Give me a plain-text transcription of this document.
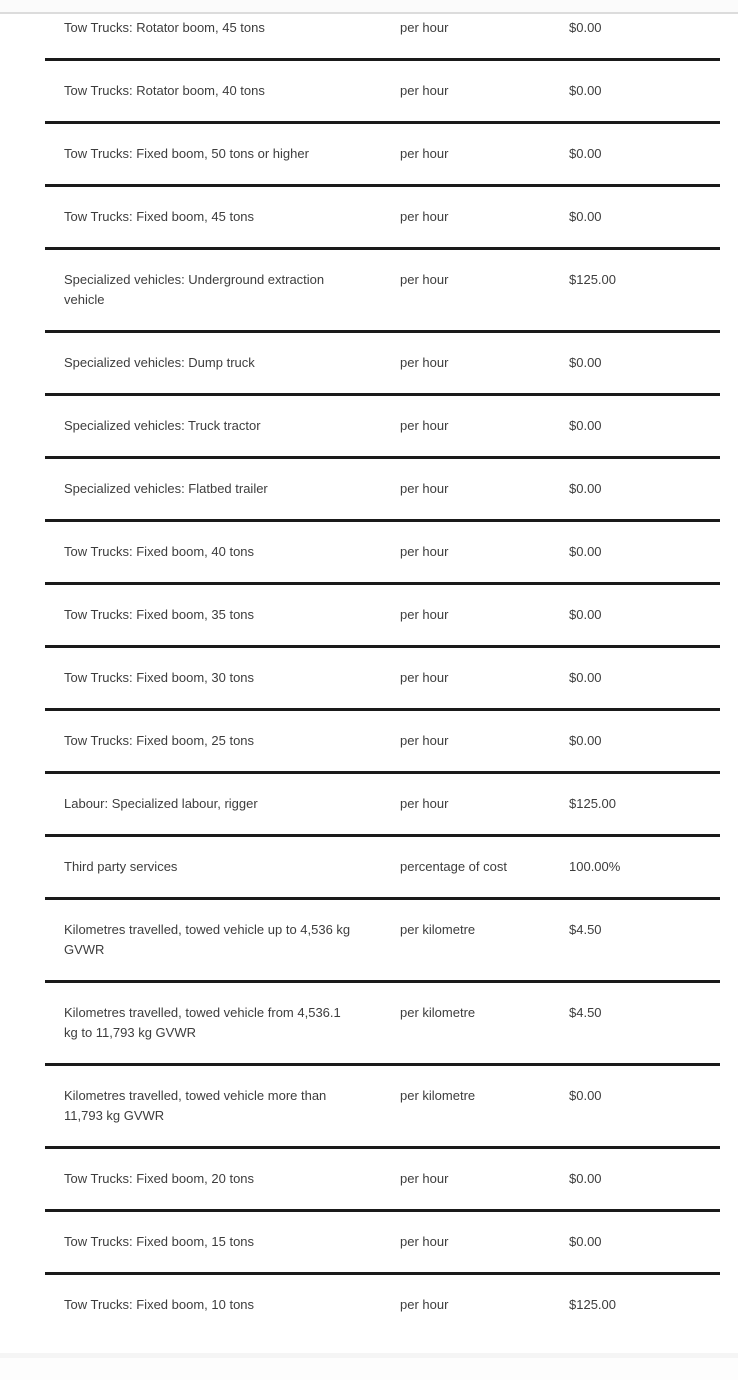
Tow Trucks: Rotator boom, 45 tons	per hour	$0.00
Tow Trucks: Rotator boom, 40 tons	per hour	$0.00
Tow Trucks: Fixed boom, 50 tons or higher	per hour	$0.00
Tow Trucks: Fixed boom, 45 tons	per hour	$0.00
Specialized vehicles: Underground extraction vehicle	per hour	$125.00
Specialized vehicles: Dump truck	per hour	$0.00
Specialized vehicles: Truck tractor	per hour	$0.00
Specialized vehicles: Flatbed trailer	per hour	$0.00
Tow Trucks: Fixed boom, 40 tons	per hour	$0.00
Tow Trucks: Fixed boom, 35 tons	per hour	$0.00
Tow Trucks: Fixed boom, 30 tons	per hour	$0.00
Tow Trucks: Fixed boom, 25 tons	per hour	$0.00
Labour: Specialized labour, rigger	per hour	$125.00
Third party services	percentage of cost	100.00%
Kilometres travelled, towed vehicle up to 4,536 kg GVWR	per kilometre	$4.50
Kilometres travelled, towed vehicle from 4,536.1 kg to 11,793 kg GVWR	per kilometre	$4.50
Kilometres travelled, towed vehicle more than 11,793 kg GVWR	per kilometre	$0.00
Tow Trucks: Fixed boom, 20 tons	per hour	$0.00
Tow Trucks: Fixed boom, 15 tons	per hour	$0.00
Tow Trucks: Fixed boom, 10 tons	per hour	$125.00
